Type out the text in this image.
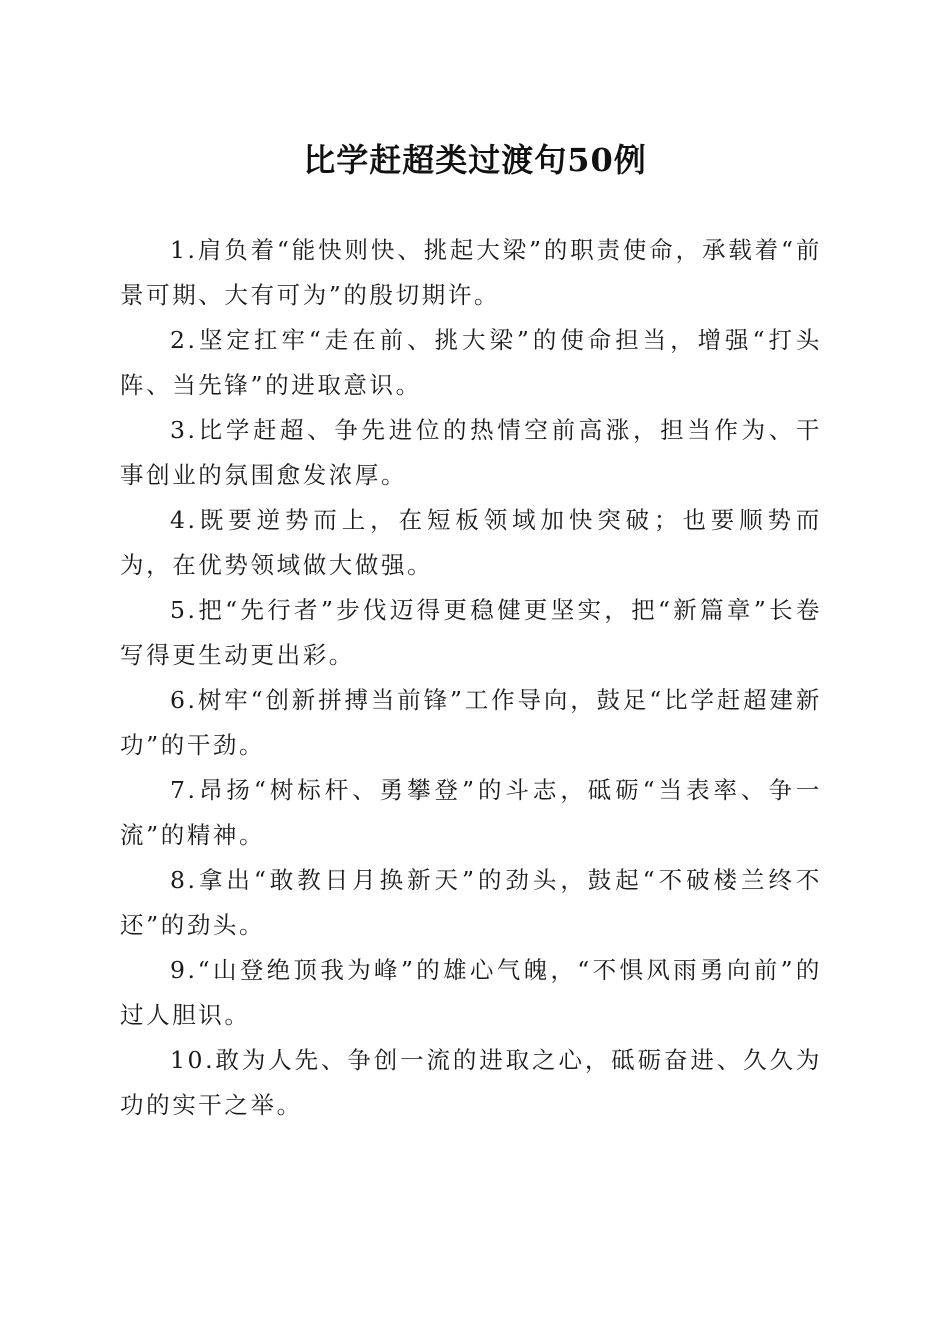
比学赶超类过渡句50例

1.肩负着“能快则快、挑起大梁”的职责使命，承载着“前景可期、大有可为”的殷切期许。

2.坚定扛牢“走在前、挑大梁”的使命担当，增强“打头阵、当先锋”的进取意识。

3.比学赶超、争先进位的热情空前高涨，担当作为、干事创业的氛围愈发浓厚。

4.既要逆势而上，在短板领域加快突破；也要顺势而为，在优势领域做大做强。

5.把“先行者”步伐迈得更稳健更坚实，把“新篇章”长卷写得更生动更出彩。

6.树牢“创新拼搏当前锋”工作导向，鼓足“比学赶超建新功”的干劲。

7.昂扬“树标杆、勇攀登”的斗志，砥砺“当表率、争一流”的精神。

8.拿出“敢教日月换新天”的劲头，鼓起“不破楼兰终不还”的劲头。

9.“山登绝顶我为峰”的雄心气魄，“不惧风雨勇向前”的过人胆识。

10.敢为人先、争创一流的进取之心，砥砺奋进、久久为功的实干之举。
